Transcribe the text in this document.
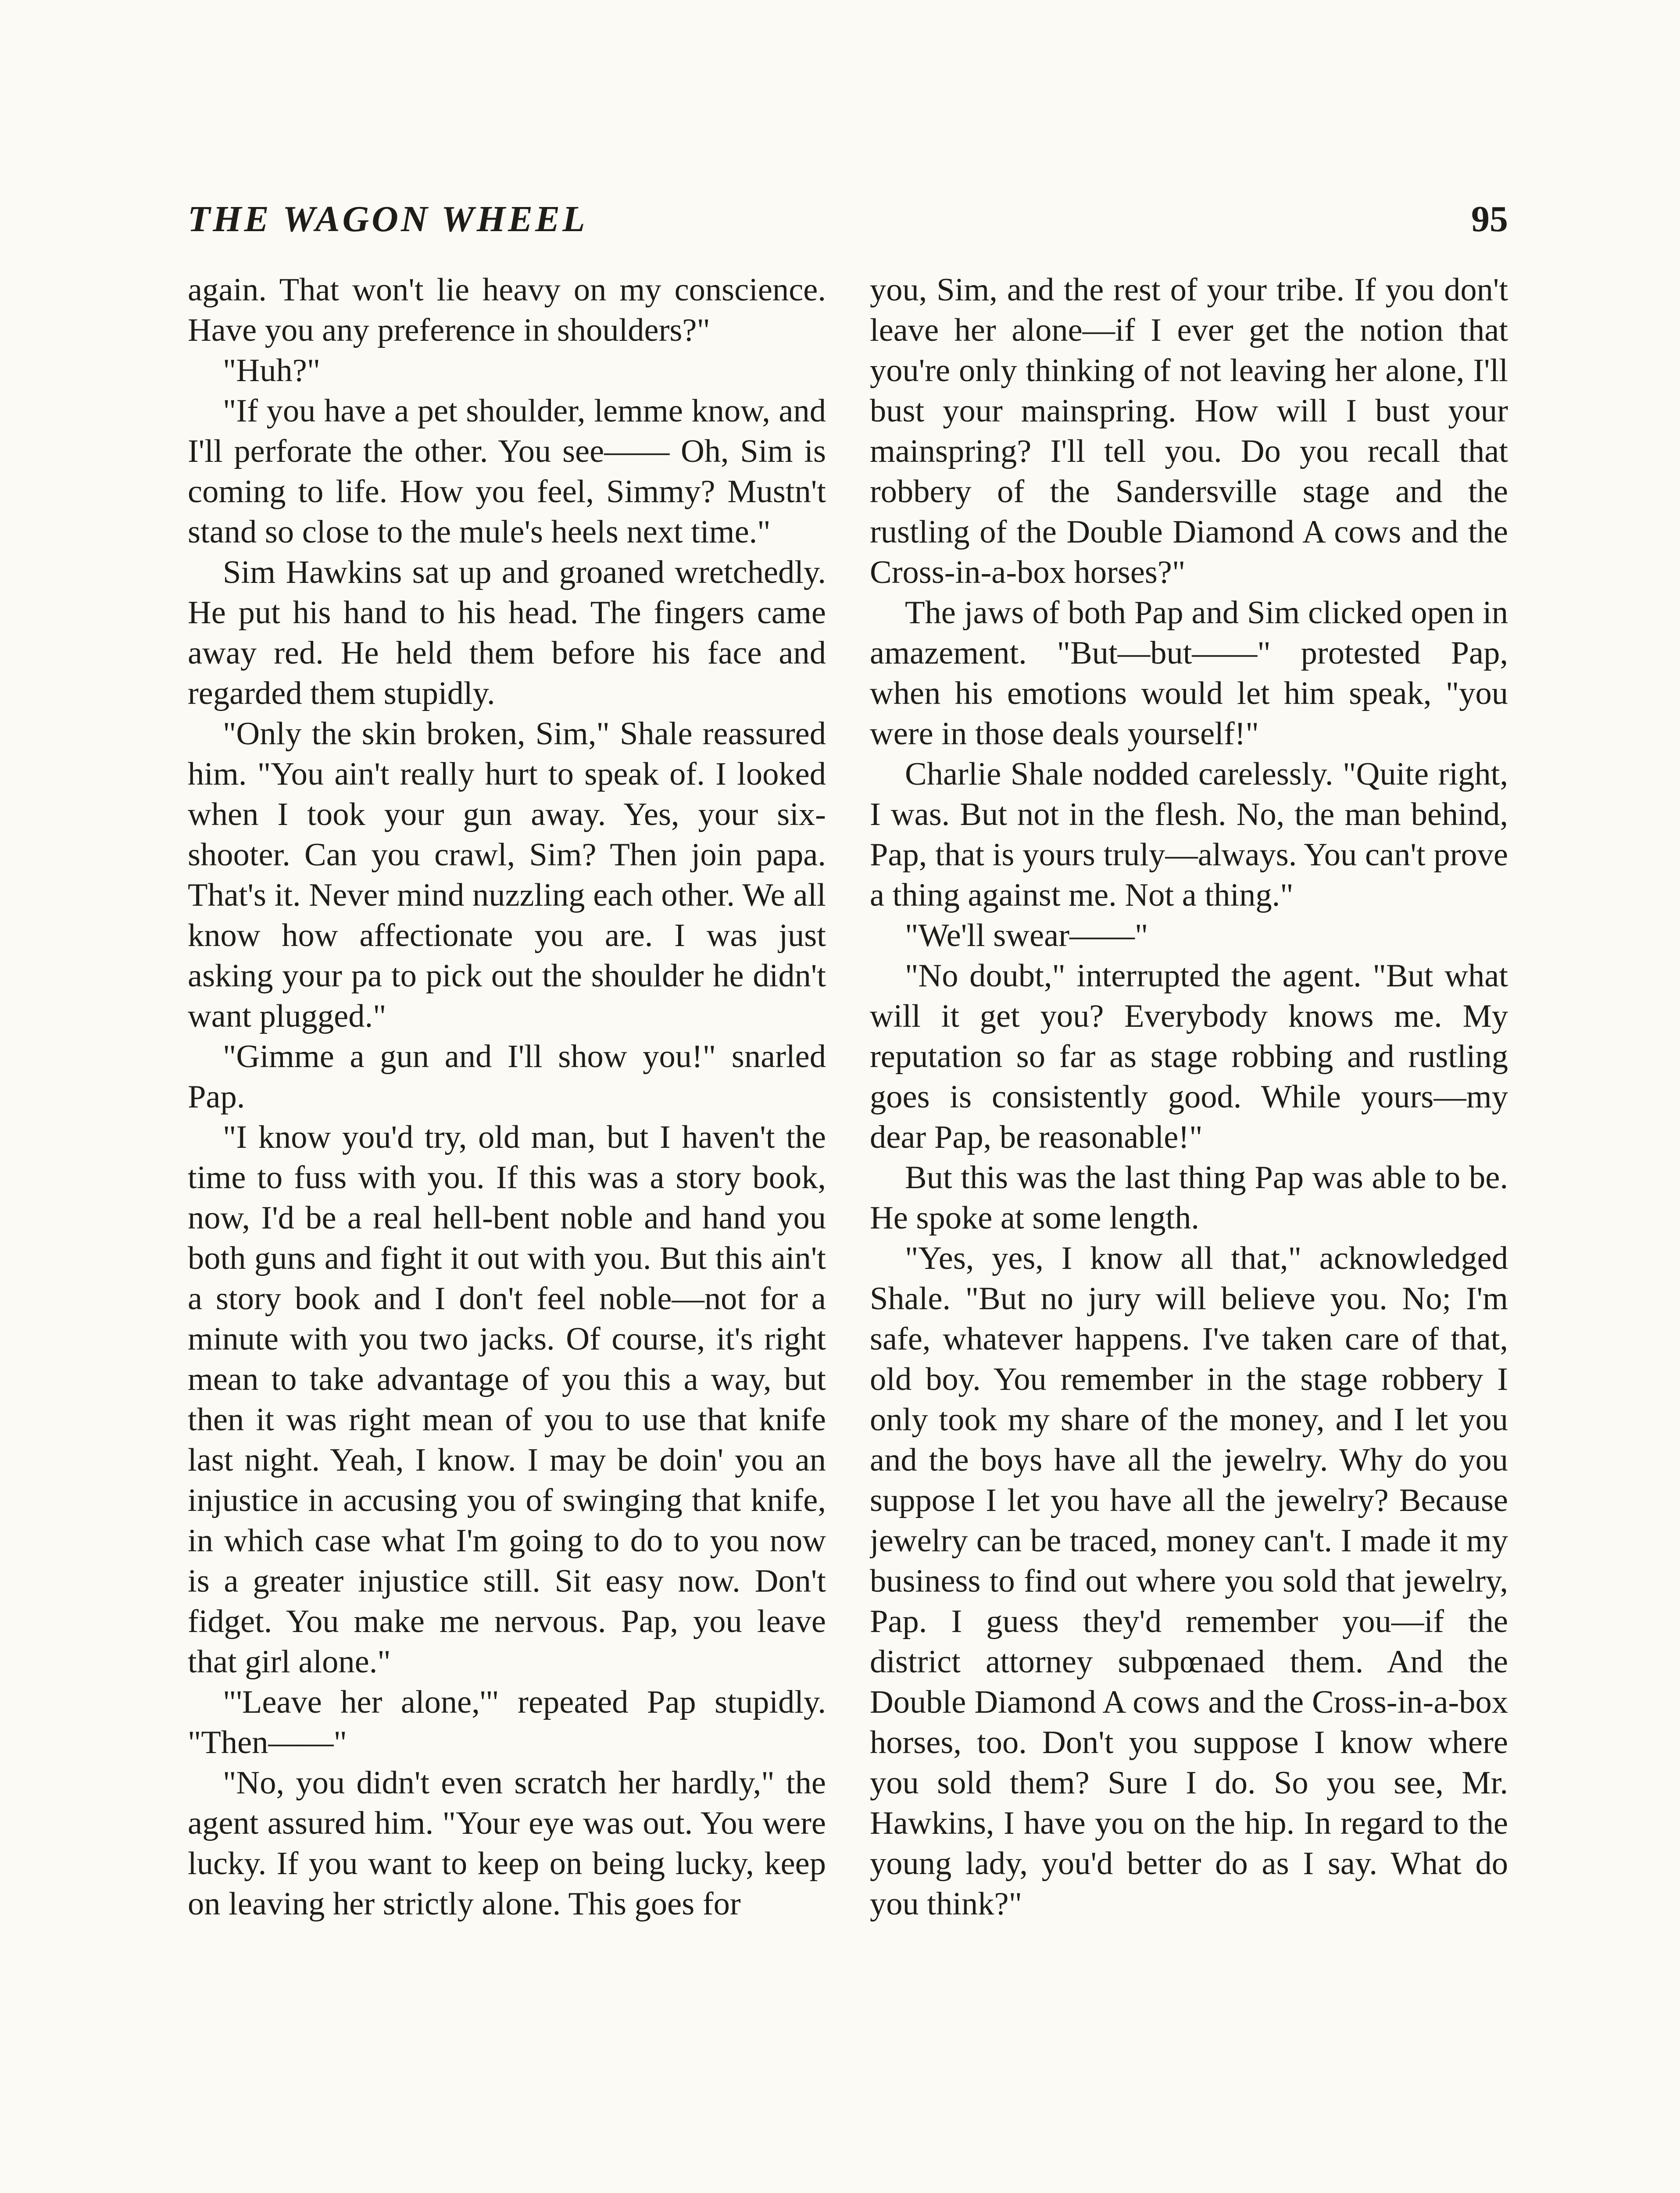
THE WAGON WHEEL	95

again. That won't lie heavy on my conscience. Have you any preference in shoulders?"

"Huh?"

"If you have a pet shoulder, lemme know, and I'll perforate the other. You see—— Oh, Sim is coming to life. How you feel, Simmy? Mustn't stand so close to the mule's heels next time."

Sim Hawkins sat up and groaned wretchedly. He put his hand to his head. The fingers came away red. He held them before his face and regarded them stupidly.

"Only the skin broken, Sim," Shale reassured him. "You ain't really hurt to speak of. I looked when I took your gun away. Yes, your six-shooter. Can you crawl, Sim? Then join papa. That's it. Never mind nuzzling each other. We all know how affectionate you are. I was just asking your pa to pick out the shoulder he didn't want plugged."

"Gimme a gun and I'll show you!" snarled Pap.

"I know you'd try, old man, but I haven't the time to fuss with you. If this was a story book, now, I'd be a real hell-bent noble and hand you both guns and fight it out with you. But this ain't a story book and I don't feel noble—not for a minute with you two jacks. Of course, it's right mean to take advantage of you this a way, but then it was right mean of you to use that knife last night. Yeah, I know. I may be doin' you an injustice in accusing you of swinging that knife, in which case what I'm going to do to you now is a greater injustice still. Sit easy now. Don't fidget. You make me nervous. Pap, you leave that girl alone."

"'Leave her alone,'" repeated Pap stupidly. "Then——"

"No, you didn't even scratch her hardly," the agent assured him. "Your eye was out. You were lucky. If you want to keep on being lucky, keep on leaving her strictly alone. This goes for

you, Sim, and the rest of your tribe. If you don't leave her alone—if I ever get the notion that you're only thinking of not leaving her alone, I'll bust your mainspring. How will I bust your mainspring? I'll tell you. Do you recall that robbery of the Sandersville stage and the rustling of the Double Diamond A cows and the Cross-in-a-box horses?"

The jaws of both Pap and Sim clicked open in amazement. "But—but——" protested Pap, when his emotions would let him speak, "you were in those deals yourself!"

Charlie Shale nodded carelessly. "Quite right, I was. But not in the flesh. No, the man behind, Pap, that is yours truly—always. You can't prove a thing against me. Not a thing."

"We'll swear——"

"No doubt," interrupted the agent. "But what will it get you? Everybody knows me. My reputation so far as stage robbing and rustling goes is consistently good. While yours—my dear Pap, be reasonable!"

But this was the last thing Pap was able to be. He spoke at some length.

"Yes, yes, I know all that," acknowledged Shale. "But no jury will believe you. No; I'm safe, whatever happens. I've taken care of that, old boy. You remember in the stage robbery I only took my share of the money, and I let you and the boys have all the jewelry. Why do you suppose I let you have all the jewelry? Because jewelry can be traced, money can't. I made it my business to find out where you sold that jewelry, Pap. I guess they'd remember you—if the district attorney subpœnaed them. And the Double Diamond A cows and the Cross-in-a-box horses, too. Don't you suppose I know where you sold them? Sure I do. So you see, Mr. Hawkins, I have you on the hip. In regard to the young lady, you'd better do as I say. What do you think?"
